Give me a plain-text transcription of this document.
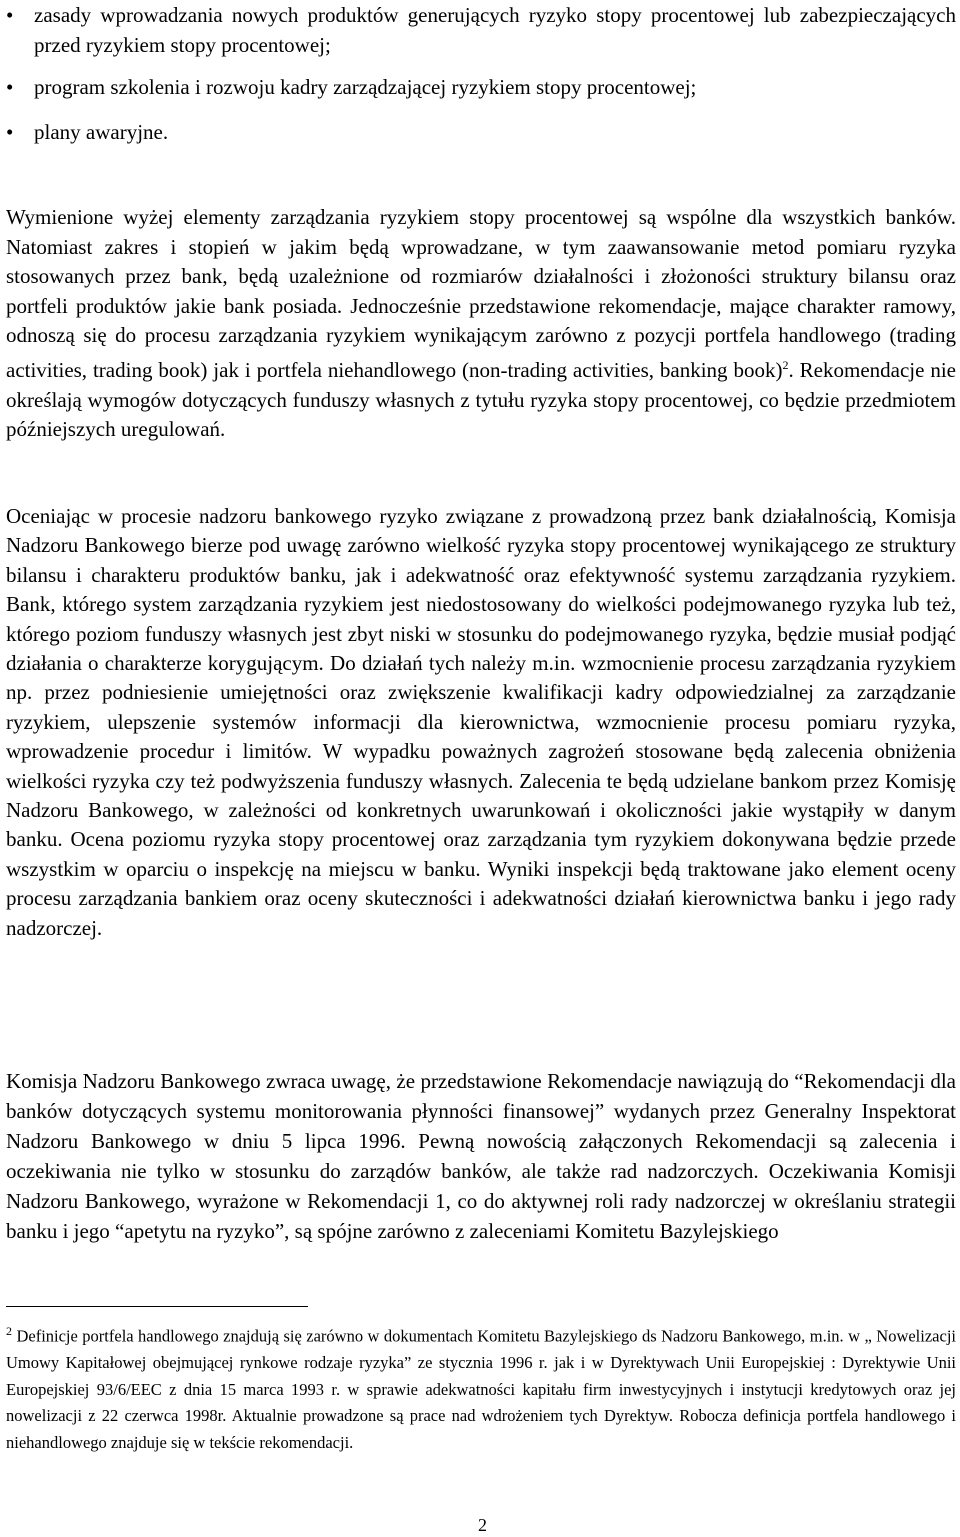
• zasady wprowadzania nowych produktów generujących ryzyko stopy procentowej lub zabezpieczających przed ryzykiem stopy procentowej;
• program szkolenia i rozwoju kadry zarządzającej ryzykiem stopy procentowej;
• plany awaryjne.

Wymienione wyżej elementy zarządzania ryzykiem stopy procentowej są wspólne dla wszystkich banków. Natomiast zakres i stopień w jakim będą wprowadzane, w tym zaawansowanie metod pomiaru ryzyka stosowanych przez bank, będą uzależnione od rozmiarów działalności i złożoności struktury bilansu oraz portfeli produktów jakie bank posiada. Jednocześnie przedstawione rekomendacje, mające charakter ramowy, odnoszą się do procesu zarządzania ryzykiem wynikającym zarówno z pozycji portfela handlowego (trading activities, trading book) jak i portfela niehandlowego (non-trading activities, banking book)$^2$. Rekomendacje nie określają wymogów dotyczących funduszy własnych z tytułu ryzyka stopy procentowej, co będzie przedmiotem późniejszych uregulowań.

Oceniając w procesie nadzoru bankowego ryzyko związane z prowadzoną przez bank działalnością, Komisja Nadzoru Bankowego bierze pod uwagę zarówno wielkość ryzyka stopy procentowej wynikającego ze struktury bilansu i charakteru produktów banku, jak i adekwatność oraz efektywność systemu zarządzania ryzykiem. Bank, którego system zarządzania ryzykiem jest niedostosowany do wielkości podejmowanego ryzyka lub też, którego poziom funduszy własnych jest zbyt niski w stosunku do podejmowanego ryzyka, będzie musiał podjąć działania o charakterze korygującym. Do działań tych należy m.in. wzmocnienie procesu zarządzania ryzykiem np. przez podniesienie umiejętności oraz zwiększenie kwalifikacji kadry odpowiedzialnej za zarządzanie ryzykiem, ulepszenie systemów informacji dla kierownictwa, wzmocnienie procesu pomiaru ryzyka, wprowadzenie procedur i limitów. W wypadku poważnych zagrożeń stosowane będą zalecenia obniżenia wielkości ryzyka czy też podwyższenia funduszy własnych. Zalecenia te będą udzielane bankom przez Komisję Nadzoru Bankowego, w zależności od konkretnych uwarunkowań i okoliczności jakie wystąpiły w danym banku. Ocena poziomu ryzyka stopy procentowej oraz zarządzania tym ryzykiem dokonywana będzie przede wszystkim w oparciu o inspekcję na miejscu w banku. Wyniki inspekcji będą traktowane jako element oceny procesu zarządzania bankiem oraz oceny skuteczności i adekwatności działań kierownictwa banku i jego rady nadzorczej.

Komisja Nadzoru Bankowego zwraca uwagę, że przedstawione Rekomendacje nawiązują do “Rekomendacji dla banków dotyczących systemu monitorowania płynności finansowej” wydanych przez Generalny Inspektorat Nadzoru Bankowego w dniu 5 lipca 1996. Pewną nowością załączonych Rekomendacji są zalecenia i oczekiwania nie tylko w stosunku do zarządów banków, ale także rad nadzorczych. Oczekiwania Komisji Nadzoru Bankowego, wyrażone w Rekomendacji 1, co do aktywnej roli rady nadzorczej w określaniu strategii banku i jego “apetytu na ryzyko”, są spójne zarówno z zaleceniami Komitetu Bazylejskiego

$^2$ Definicje portfela handlowego znajdują się zarówno w dokumentach Komitetu Bazylejskiego ds Nadzoru Bankowego, m.in. w „ Nowelizacji Umowy Kapitałowej obejmującej rynkowe rodzaje ryzyka” ze stycznia 1996 r. jak i w Dyrektywach Unii Europejskiej : Dyrektywie Unii Europejskiej 93/6/EEC z dnia 15 marca 1993 r. w sprawie adekwatności kapitału firm inwestycyjnych i instytucji kredytowych oraz jej nowelizacji z 22 czerwca 1998r. Aktualnie prowadzone są prace nad wdrożeniem tych Dyrektyw. Robocza definicja portfela handlowego i niehandlowego znajduje się w tekście rekomendacji.

2
